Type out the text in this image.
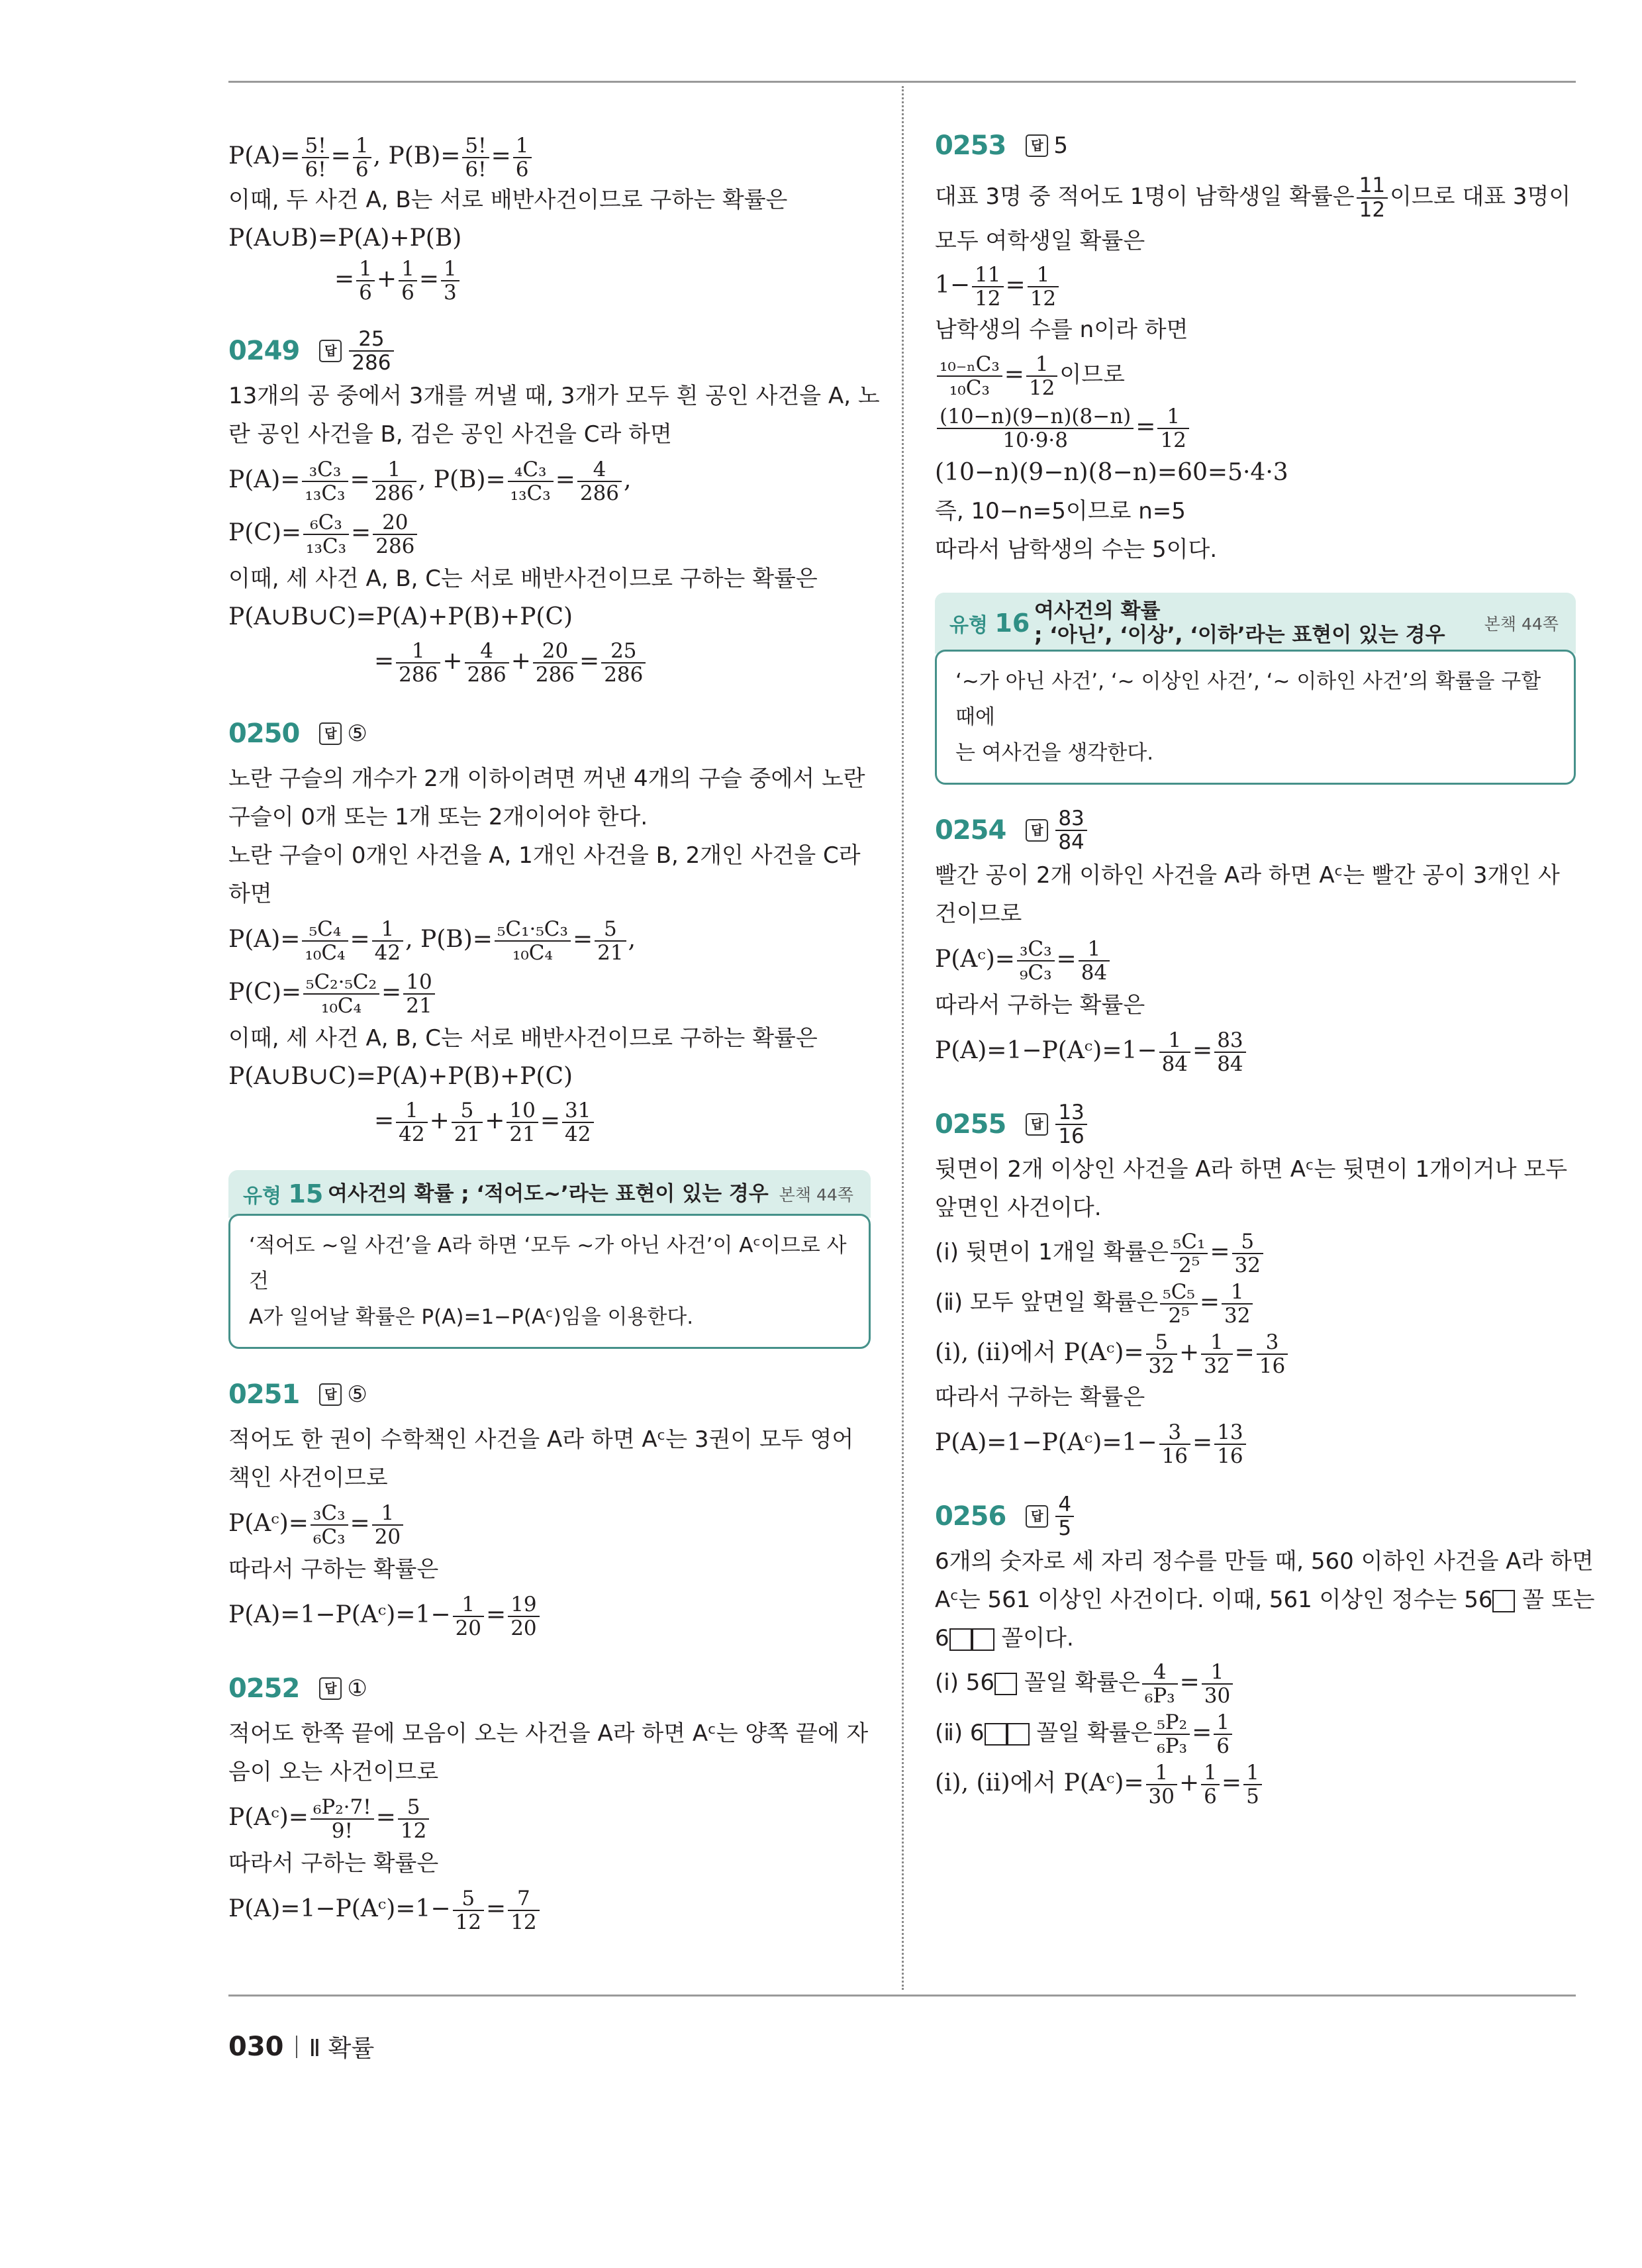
$P(A)= \frac{5!}{6!} = \frac{1}{6}$ , $P(B)= \frac{5!}{6!} = \frac{1}{6}$
이때, 두 사건 A, B는 서로 배반사건이므로 구하는 확률은
P(A∪B)=P(A)+P(B)
= $\frac{1}{6} + \frac{1}{6} = \frac{1}{3}$
0249	답
25
286
13개의 공 중에서 3개를 꺼낼 때, 3개가 모두 흰 공인 사건을 A, 노
란 공인 사건을 B, 검은 공인 사건을 C라 하면
$P(A)= \frac{\text{₃C₃}}{\text{₁₃C₃}} = \frac{1}{286}$ , $P(B)= \frac{\text{₄C₃}}{\text{₁₃C₃}} = \frac{4}{286}$ ,
$P(C)= \frac{\text{₆C₃}}{\text{₁₃C₃}} = \frac{20}{286}$
이때, 세 사건 A, B, C는 서로 배반사건이므로 구하는 확률은
P(A∪B∪C)=P(A)+P(B)+P(C)
= $\frac{1}{286} + \frac{4}{286} + \frac{20}{286} = \frac{25}{286}$
0250	답 ⑤
노란 구슬의 개수가 2개 이하이려면 꺼낸 4개의 구슬 중에서 노란
구슬이 0개 또는 1개 또는 2개이어야 한다.
노란 구슬이 0개인 사건을 A, 1개인 사건을 B, 2개인 사건을 C라
하면
$P(A)= \frac{\text{₅C₄}}{\text{₁₀C₄}} = \frac{1}{42}$ , $P(B)= \frac{\text{₅C₁·₅C₃}}{\text{₁₀C₄}} = \frac{5}{21}$ ,
$P(C)= \frac{\text{₅C₂·₅C₂}}{\text{₁₀C₄}} = \frac{10}{21}$
이때, 세 사건 A, B, C는 서로 배반사건이므로 구하는 확률은
P(A∪B∪C)=P(A)+P(B)+P(C)
= $\frac{1}{42} + \frac{5}{21} + \frac{10}{21} = \frac{31}{42}$
유형 15 여사건의 확률 ; ‘적어도~’라는 표현이 있는 경우 본책 44쪽
‘적어도 ~일 사건’을 A라 하면 ‘모두 ~가 아닌 사건’이 Aᶜ이므로 사건
A가 일어날 확률은 P(A)=1−P(Aᶜ)임을 이용한다.
0251	답 ⑤
적어도 한 권이 수학책인 사건을 A라 하면 Aᶜ는 3권이 모두 영어
책인 사건이므로
P(Aᶜ)= $\frac{\text{₃C₃}}{\text{₆C₃}} = \frac{1}{20}$
따라서 구하는 확률은
P(A)=1−P(Aᶜ)=1− $\frac{1}{20} = \frac{19}{20}$
0252	답 ①
적어도 한쪽 끝에 모음이 오는 사건을 A라 하면 Aᶜ는 양쪽 끝에 자
음이 오는 사건이므로
P(Aᶜ)= $\frac{\text{₆P₂·7!}}{9!} = \frac{5}{12}$
따라서 구하는 확률은
P(A)=1−P(Aᶜ)=1− $\frac{5}{12} = \frac{7}{12}$
0253	답 5
대표 3명 중 적어도 1명이 남학생일 확률은 $\frac{11}{12}$ 이므로 대표 3명이
모두 여학생일 확률은
$1- \frac{11}{12} = \frac{1}{12}$
남학생의 수를 n이라 하면
$\frac{\text{₁₀₋ₙC₃}}{\text{₁₀C₃}} = \frac{1}{12}$ 이므로
$\frac{(10-n)(9-n)(8-n)}{10\cdot 9\cdot 8} = \frac{1}{12}$
(10−n)(9−n)(8−n)=60=5·4·3
즉, 10−n=5이므로 n=5
따라서 남학생의 수는 5이다.
유형 16 여사건의 확률
; ‘아닌’, ‘이상’, ‘이하’라는 표현이 있는 경우	본책 44쪽
‘~가 아닌 사건’, ‘~ 이상인 사건’, ‘~ 이하인 사건’의 확률을 구할 때에
는 여사건을 생각한다.
0254	답
83
84
빨간 공이 2개 이하인 사건을 A라 하면 Aᶜ는 빨간 공이 3개인 사
건이므로
P(Aᶜ)= $\frac{\text{₃C₃}}{\text{₉C₃}} = \frac{1}{84}$
따라서 구하는 확률은
P(A)=1−P(Aᶜ)=1− $\frac{1}{84} = \frac{83}{84}$
0255	답
13
16
뒷면이 2개 이상인 사건을 A라 하면 Aᶜ는 뒷면이 1개이거나 모두
앞면인 사건이다.
(ⅰ) 뒷면이 1개일 확률은 $\frac{\text{₅C₁}}{\text{2⁵}} = \frac{5}{32}$
(ⅱ) 모두 앞면일 확률은 $\frac{\text{₅C₅}}{\text{2⁵}} = \frac{1}{32}$
(ⅰ), (ⅱ)에서 P(Aᶜ)= $\frac{5}{32} + \frac{1}{32} = \frac{3}{16}$
따라서 구하는 확률은
P(A)=1−P(Aᶜ)=1− $\frac{3}{16} = \frac{13}{16}$
0256	답
4
5
6개의 숫자로 세 자리 정수를 만들 때, 560 이하인 사건을 A라 하면
Aᶜ는 561 이상인 사건이다. 이때, 561 이상인 정수는 56 꼴 또는
6 꼴이다.
(ⅰ) 56 꼴일 확률은 $\frac{4}{\text{₆P₃}} = \frac{1}{30}$
(ⅱ) 6 꼴일 확률은 $\frac{\text{₅P₂}}{\text{₆P₃}} = \frac{1}{6}$
(ⅰ), (ⅱ)에서 P(Aᶜ)= $\frac{1}{30} + \frac{1}{6} = \frac{1}{5}$
030 Ⅱ 확률
